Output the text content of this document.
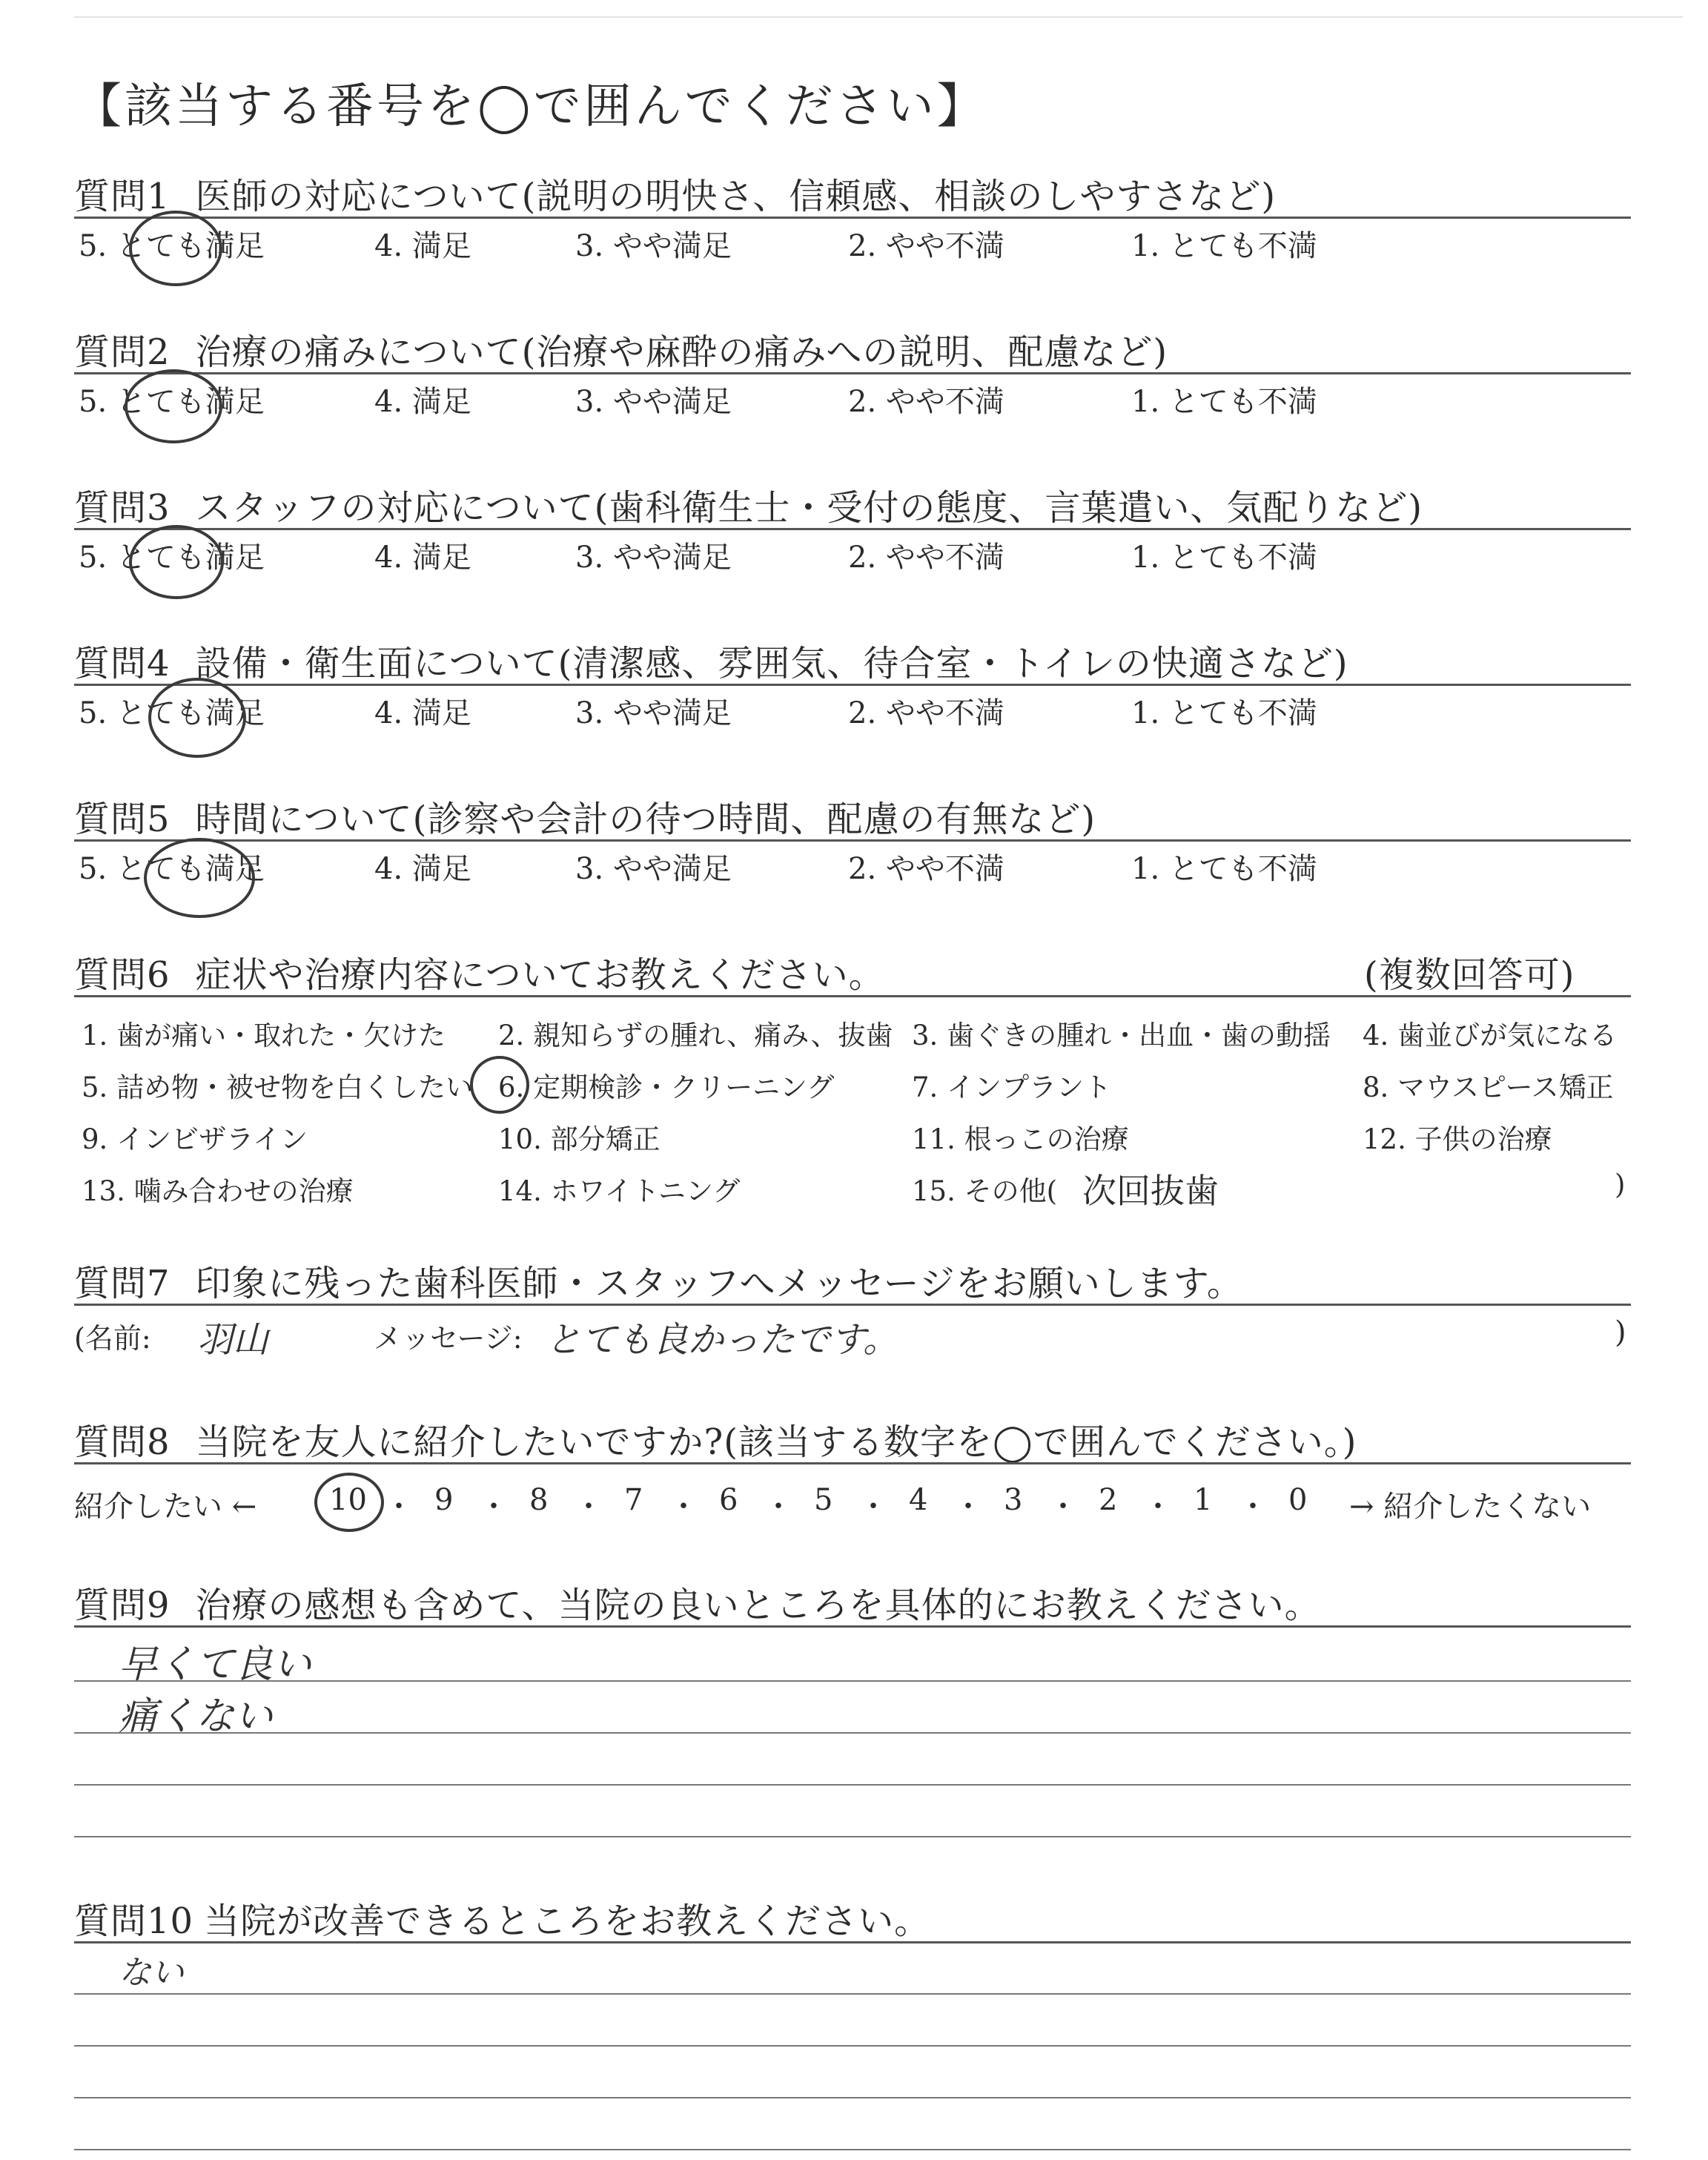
【該当する番号を◯で囲んでください】
質問1 医師の対応について(説明の明快さ、信頼感、相談のしやすさなど)
5. とても満足	4. 満足	3. やや満足	2. やや不満	1. とても不満
質問2 治療の痛みについて(治療や麻酔の痛みへの説明、配慮など)
5. とても満足	4. 満足	3. やや満足	2. やや不満	1. とても不満
質問3 スタッフの対応について(歯科衛生士・受付の態度、言葉遣い、気配りなど)
5. とても満足	4. 満足	3. やや満足	2. やや不満	1. とても不満
質問4 設備・衛生面について(清潔感、雰囲気、待合室・トイレの快適さなど)
5. とても満足	4. 満足	3. やや満足	2. やや不満	1. とても不満
質問5 時間について(診察や会計の待つ時間、配慮の有無など)
5. とても満足	4. 満足	3. やや満足	2. やや不満	1. とても不満
質問6 症状や治療内容についてお教えください。	(複数回答可)
1. 歯が痛い・取れた・欠けた 2. 親知らずの腫れ、痛み、抜歯 3. 歯ぐきの腫れ・出血・歯の動揺 4. 歯並びが気になる
5. 詰め物・被せ物を白くしたい 6. 定期検診・クリーニング	7. インプラント	8. マウスピース矯正
9. インビザライン	10. 部分矯正	11. 根っこの治療	12. 子供の治療
13. 噛み合わせの治療	14. ホワイトニング	15. その他( 次回抜歯	)
質問7 印象に残った歯科医師・スタッフへメッセージをお願いします。
(名前: 羽山	メッセージ: とても良かったです。	)
質問8 当院を友人に紹介したいですか?(該当する数字を◯で囲んでください。)
紹介したい ← 10 ・ 9 ・ 8 ・ 7 ・ 6 ・ 5 ・ 4 ・ 3 ・ 2 ・ 1 ・ 0 → 紹介したくない
質問9 治療の感想も含めて、当院の良いところを具体的にお教えください。
早くて良い
痛くない
質問10 当院が改善できるところをお教えください。
ない
